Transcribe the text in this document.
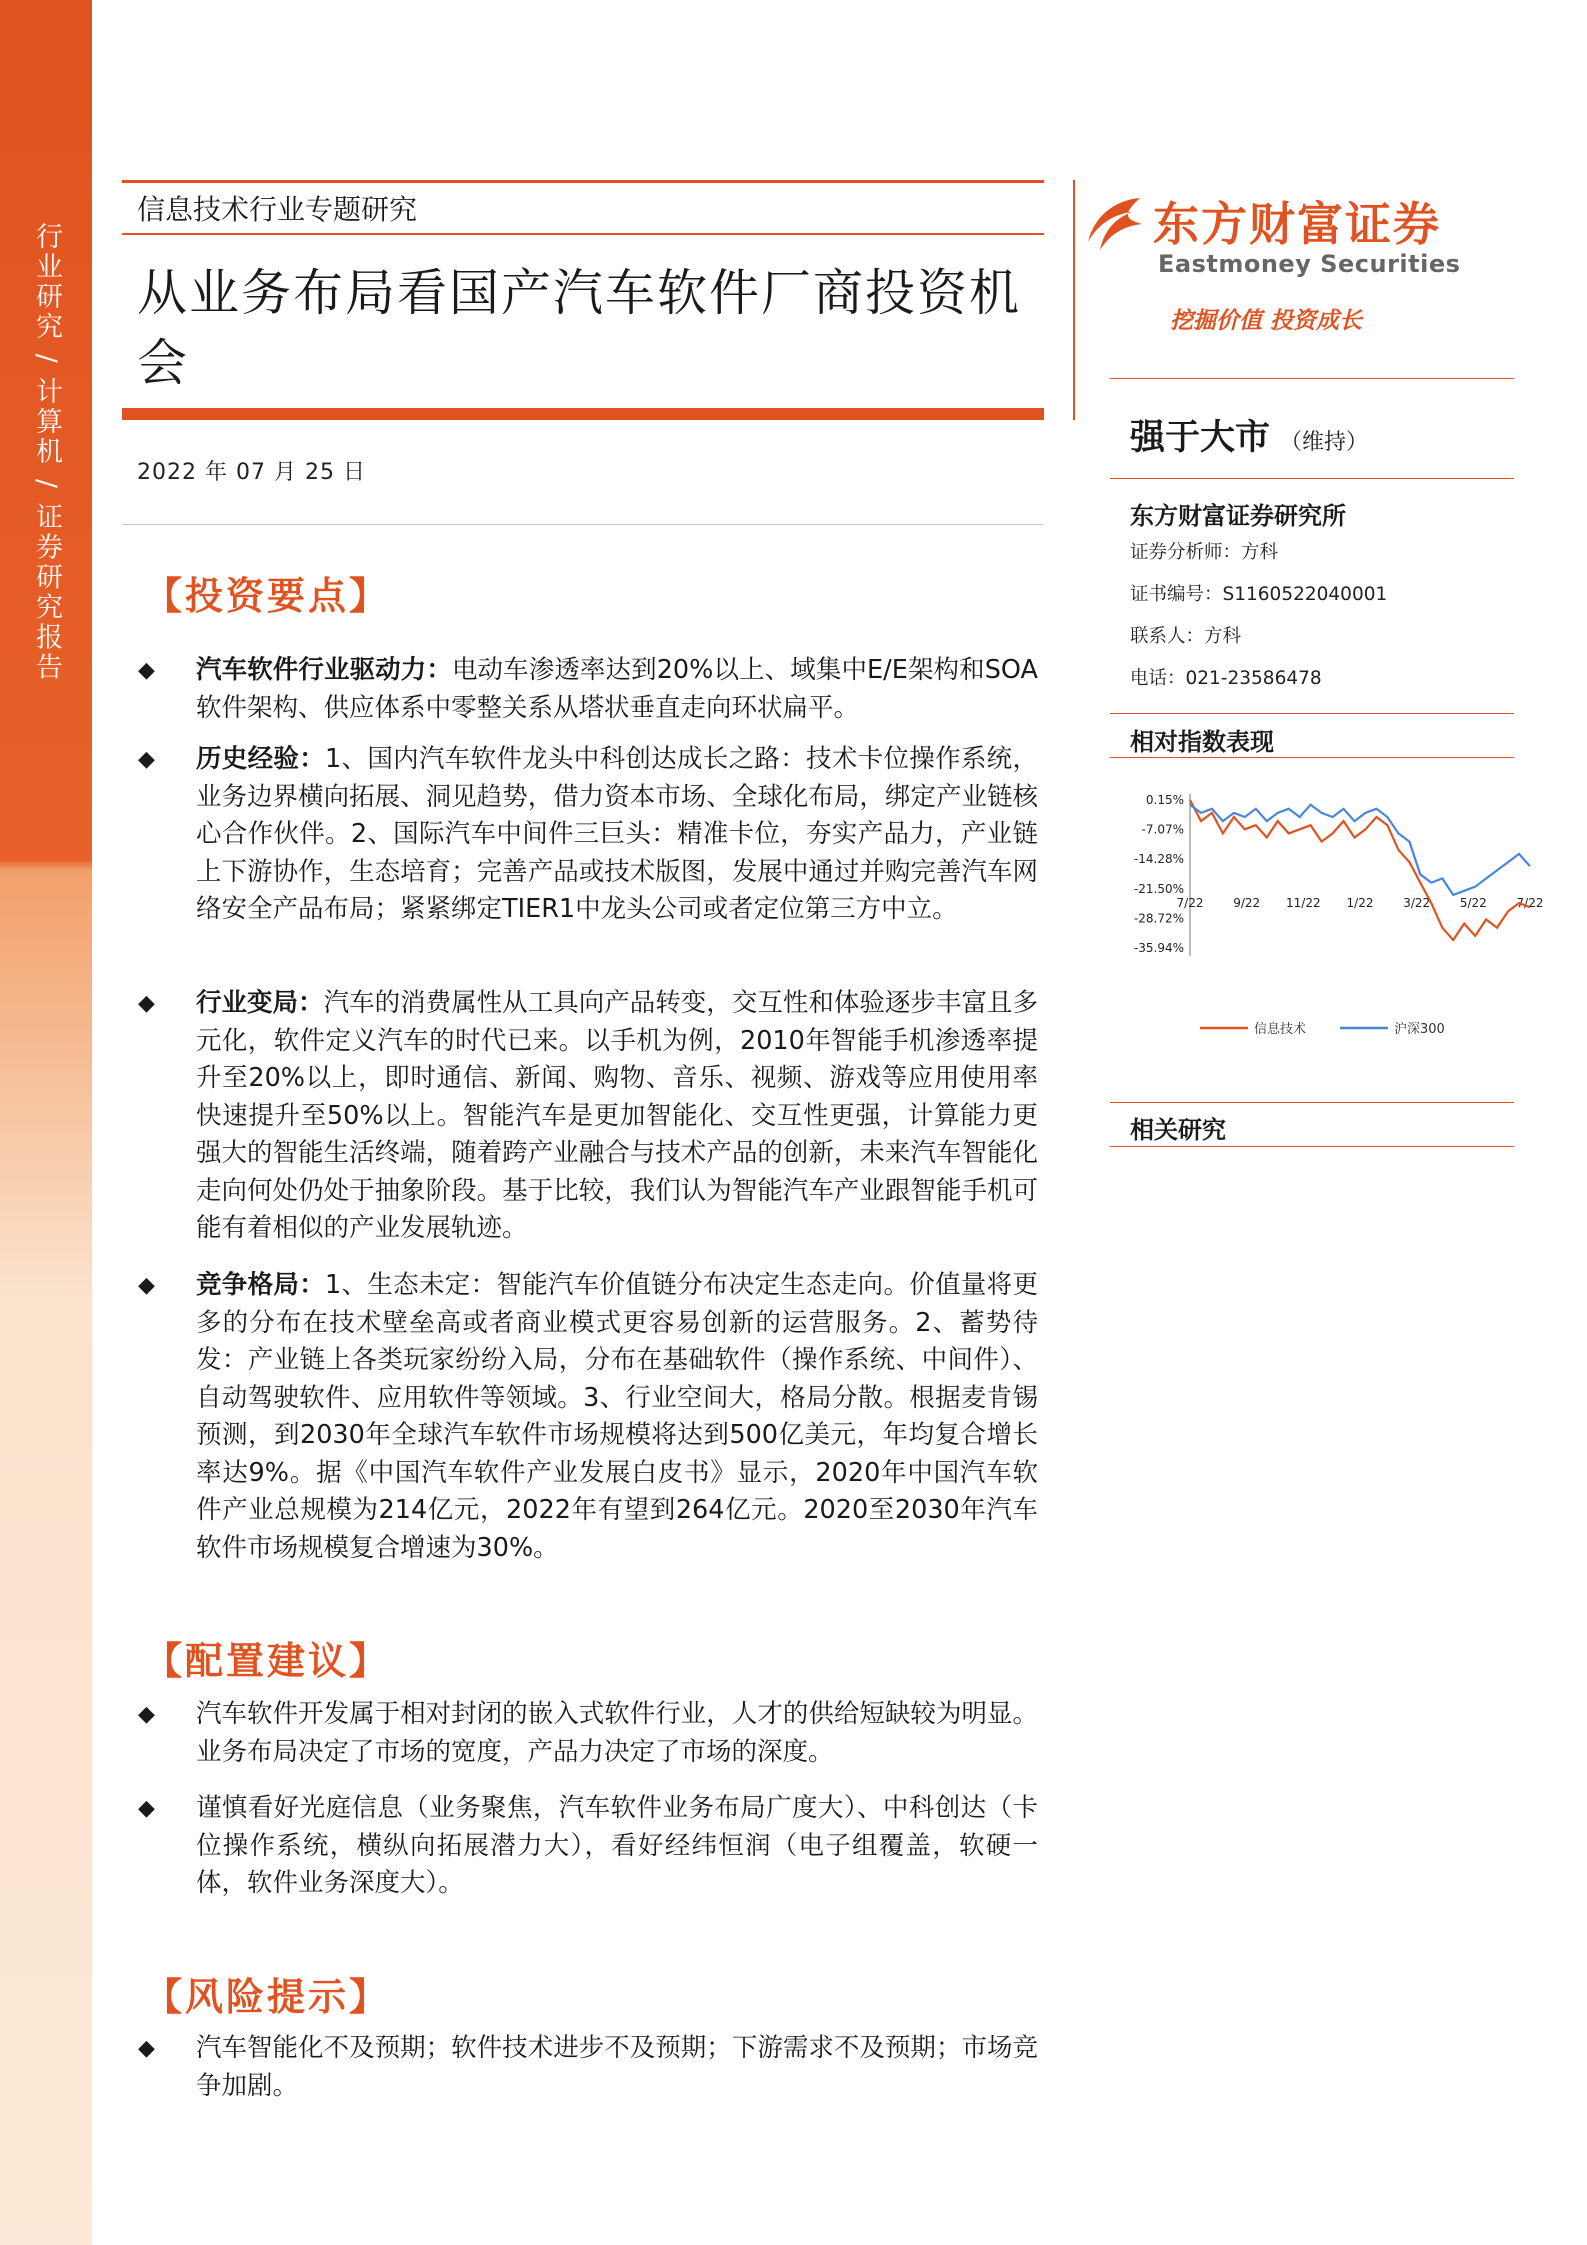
行业研究 / 计算机 / 证券研究报告
信息技术行业专题研究
从业务布局看国产汽车软件厂商投资机会
2022 年 07 月 25 日
【投资要点】
◆ 汽车软件行业驱动力：电动车渗透率达到20%以上、域集中E/E架构和SOA软件架构、供应体系中零整关系从塔状垂直走向环状扁平。
◆ 历史经验：1、国内汽车软件龙头中科创达成长之路：技术卡位操作系统，业务边界横向拓展、洞见趋势，借力资本市场、全球化布局，绑定产业链核心合作伙伴。2、国际汽车中间件三巨头：精准卡位，夯实产品力，产业链上下游协作，生态培育；完善产品或技术版图，发展中通过并购完善汽车网络安全产品布局；紧紧绑定TIER1中龙头公司或者定位第三方中立。
◆ 行业变局：汽车的消费属性从工具向产品转变，交互性和体验逐步丰富且多元化，软件定义汽车的时代已来。以手机为例，2010年智能手机渗透率提升至20%以上，即时通信、新闻、购物、音乐、视频、游戏等应用使用率快速提升至50%以上。智能汽车是更加智能化、交互性更强，计算能力更强大的智能生活终端，随着跨产业融合与技术产品的创新，未来汽车智能化走向何处仍处于抽象阶段。基于比较，我们认为智能汽车产业跟智能手机可能有着相似的产业发展轨迹。
◆ 竞争格局：1、生态未定：智能汽车价值链分布决定生态走向。价值量将更多的分布在技术壁垒高或者商业模式更容易创新的运营服务。2、蓄势待发：产业链上各类玩家纷纷入局，分布在基础软件（操作系统、中间件）、自动驾驶软件、应用软件等领域。3、行业空间大，格局分散。根据麦肯锡预测，到2030年全球汽车软件市场规模将达到500亿美元，年均复合增长率达9%。据《中国汽车软件产业发展白皮书》显示，2020年中国汽车软件产业总规模为214亿元，2022年有望到264亿元。2020至2030年汽车软件市场规模复合增速为30%。
【配置建议】
◆ 汽车软件开发属于相对封闭的嵌入式软件行业，人才的供给短缺较为明显。业务布局决定了市场的宽度，产品力决定了市场的深度。
◆ 谨慎看好光庭信息（业务聚焦，汽车软件业务布局广度大）、中科创达（卡位操作系统，横纵向拓展潜力大），看好经纬恒润（电子组覆盖，软硬一体，软件业务深度大）。
【风险提示】
◆ 汽车智能化不及预期；软件技术进步不及预期；下游需求不及预期；市场竞争加剧。
东方财富证券
Eastmoney Securities
挖掘价值 投资成长
强于大市 （维持）
东方财富证券研究所
证券分析师：方科
证书编号：S1160522040001
联系人：方科
电话：021-23586478
相对指数表现
0.15%
-7.07%
-14.28%
-21.50%
-28.72%
-35.94%
7/22 9/22 11/22 1/22 3/22 5/22 7/22
信息技术	沪深300
相关研究
